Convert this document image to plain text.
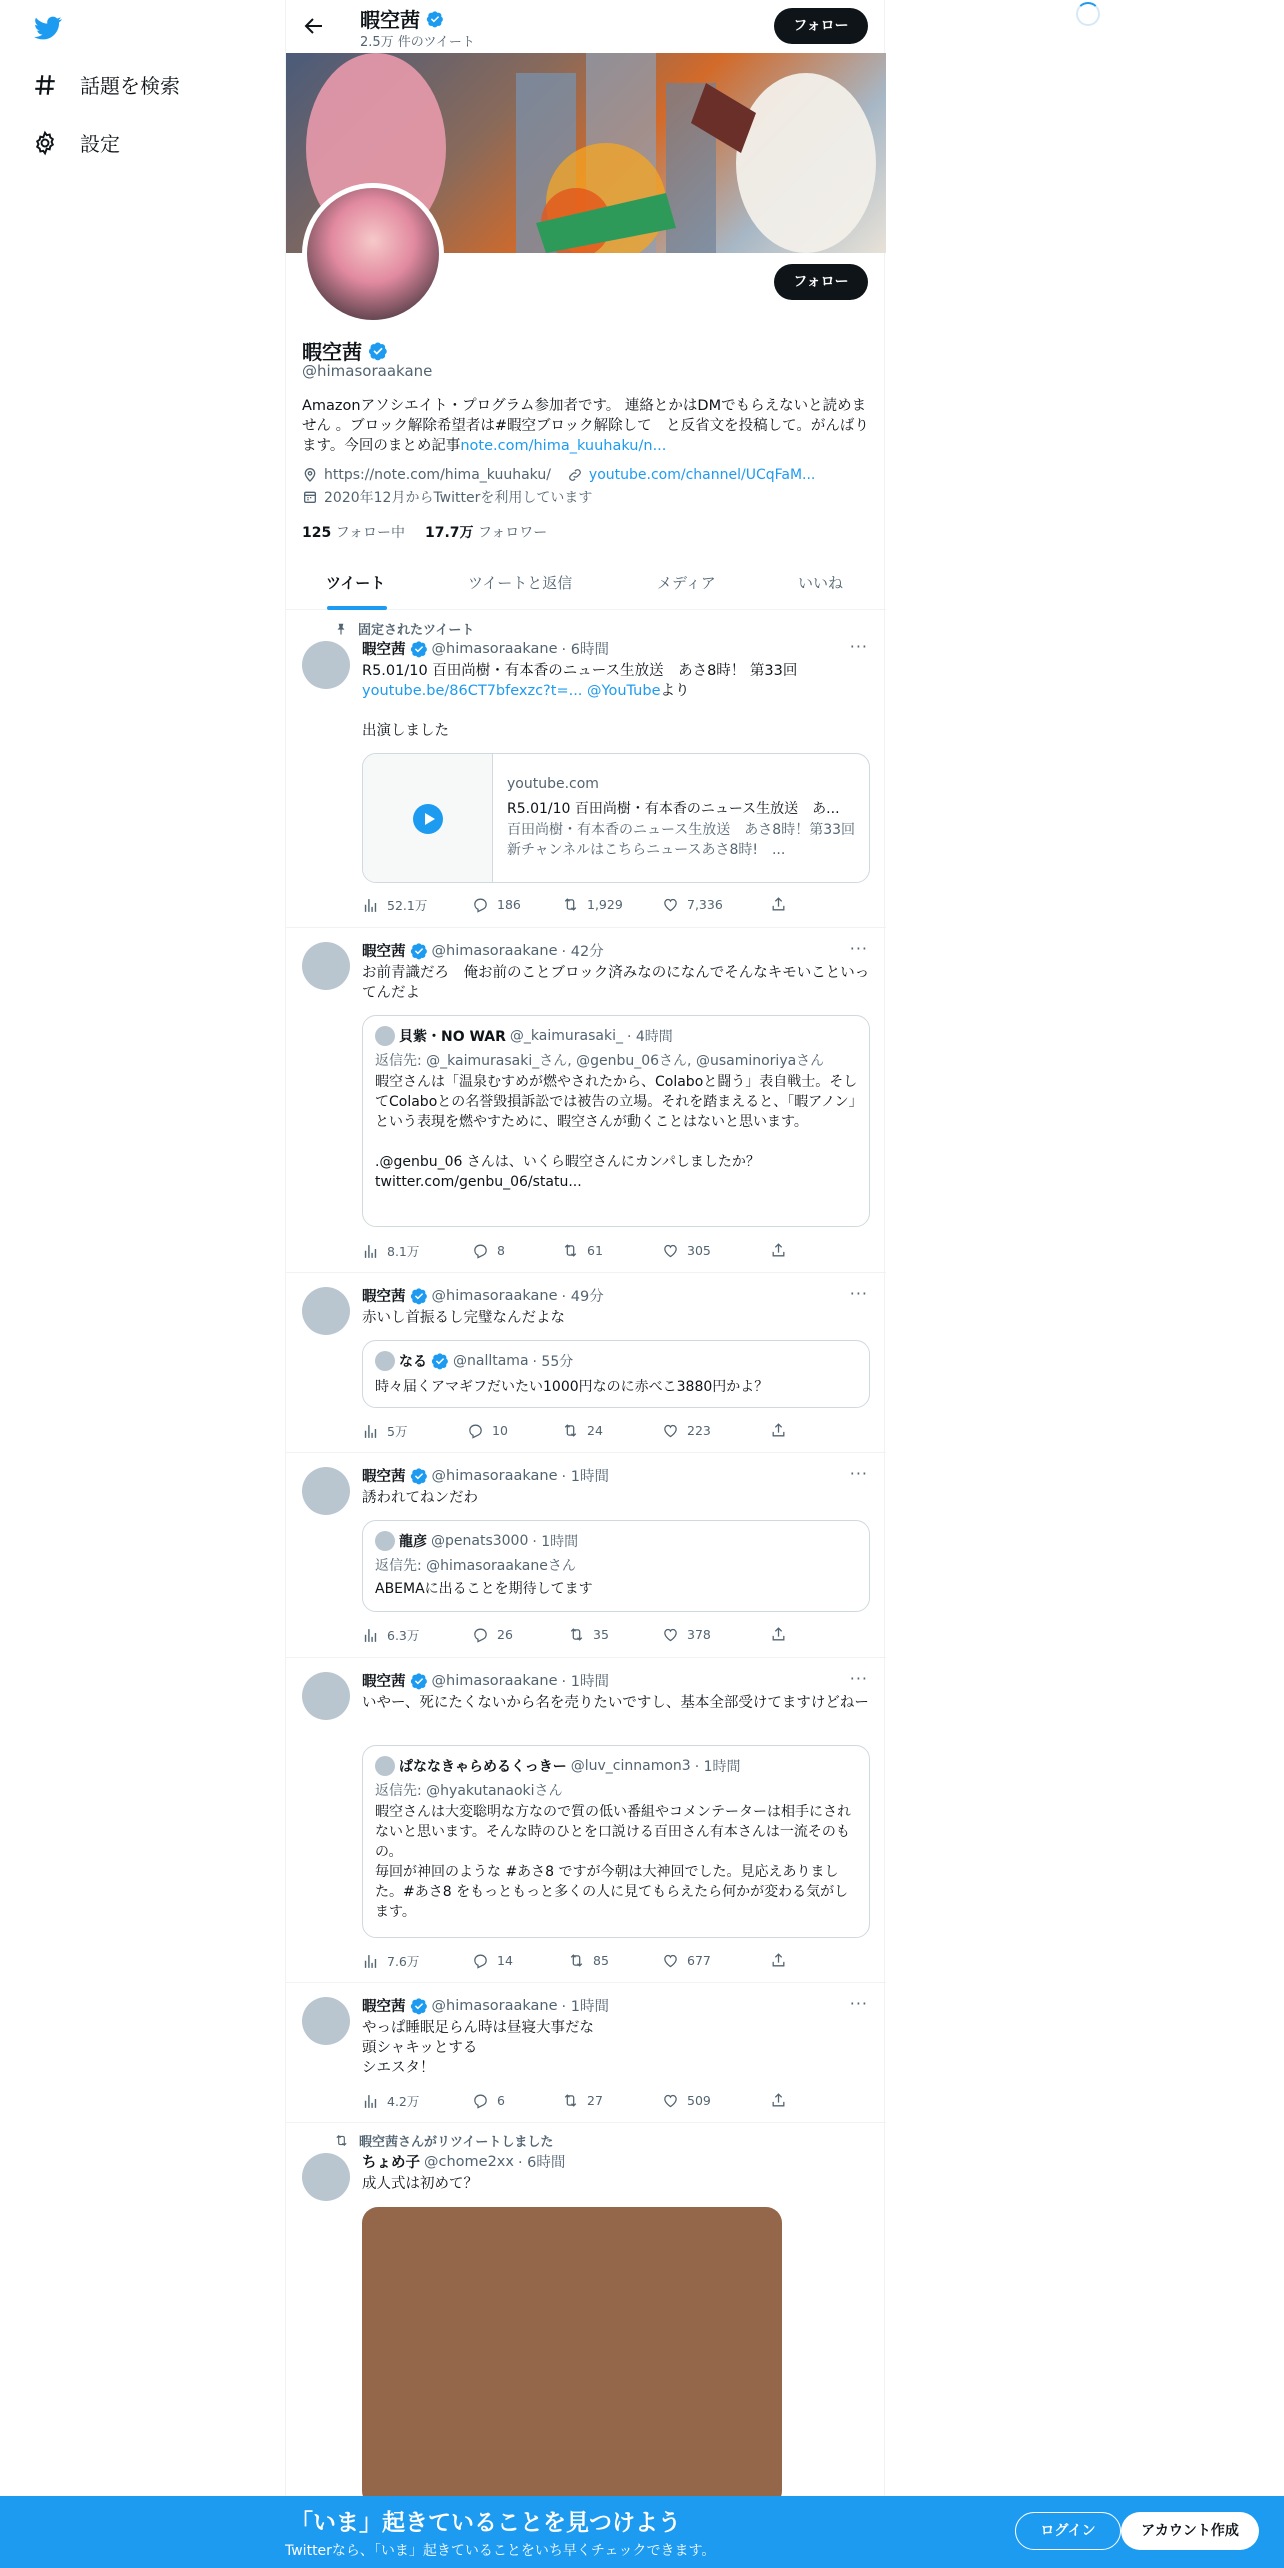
話題を検索
設定
暇空茜
2.5万 件のツイート
フォロー
フォロー
暇空茜
@himasoraakane
Amazonアソシエイト・プログラム参加者です。 連絡とかはDMでもらえないと読めません 。ブロック解除希望者は#暇空ブロック解除して　と反省文を投稿して。がんばります。今回のまとめ記事note.com/hima_kuuhaku/n...
https://note.com/hima_kuuhaku/	youtube.com/channel/UCqFaM...
2020年12月からTwitterを利用しています
125 フォロー中 17.7万 フォロワー
ツイート	ツイートと返信	メディア	いいね
固定されたツイート
暇空茜 @himasoraakane · 6時間	···
R5.01/10 百田尚樹・有本香のニュース生放送　あさ8時！ 第33回
youtube.be/86CT7bfexzc?t=... @YouTubeより
出演しました
youtube.com
R5.01/10 百田尚樹・有本香のニュース生放送　あ...
百田尚樹・有本香のニュース生放送　あさ8時！第33回新チャンネルはこちらニュースあさ8時!　...
52.1万	186	1,929	7,336
暇空茜 @himasoraakane · 42分	···
お前青識だろ　俺お前のことブロック済みなのになんでそんなキモいこといってんだよ
貝紫・NO WAR @_kaimurasaki_ · 4時間
返信先: @_kaimurasaki_さん, @genbu_06さん, @usaminoriyaさん
暇空さんは「温泉むすめが燃やされたから、Colaboと闘う」表自戦士。そしてColaboとの名誉毀損訴訟では被告の立場。それを踏まえると、「暇アノン」という表現を燃やすために、暇空さんが動くことはないと思います。
.@genbu_06 さんは、いくら暇空さんにカンパしましたか？
twitter.com/genbu_06/statu...
8.1万	8	61	305
暇空茜 @himasoraakane · 49分	···
赤いし首振るし完璧なんだよな
なる @nalltama · 55分
時々届くアマギフだいたい1000円なのに赤べこ3880円かよ？
5万	10	24	223
暇空茜 @himasoraakane · 1時間	···
誘われてねンだわ
龍彦 @penats3000 · 1時間
返信先: @himasoraakaneさん
ABEMAに出ることを期待してます
6.3万	26	35	378
暇空茜 @himasoraakane · 1時間	···
いやー、死にたくないから名を売りたいですし、基本全部受けてますけどねー
ぱななきゃらめるくっきー @luv_cinnamon3 · 1時間
返信先: @hyakutanaokiさん
暇空さんは大変聡明な方なので質の低い番組やコメンテーターは相手にされないと思います。そんな時のひとを口説ける百田さん有本さんは一流そのもの。
毎回が神回のような #あさ8 ですが今朝は大神回でした。見応えありました。#あさ8 をもっともっと多くの人に見てもらえたら何かが変わる気がします。
7.6万	14	85	677
暇空茜 @himasoraakane · 1時間	···
やっぱ睡眠足らん時は昼寝大事だな
頭シャキッとする
シエスタ！
4.2万	6	27	509
暇空茜さんがリツイートしました
ちょめ子 @chome2xx · 6時間
成人式は初めて？
「いま」起きていることを見つけよう
Twitterなら、「いま」起きていることをいち早くチェックできます。
ログイン	アカウント作成
